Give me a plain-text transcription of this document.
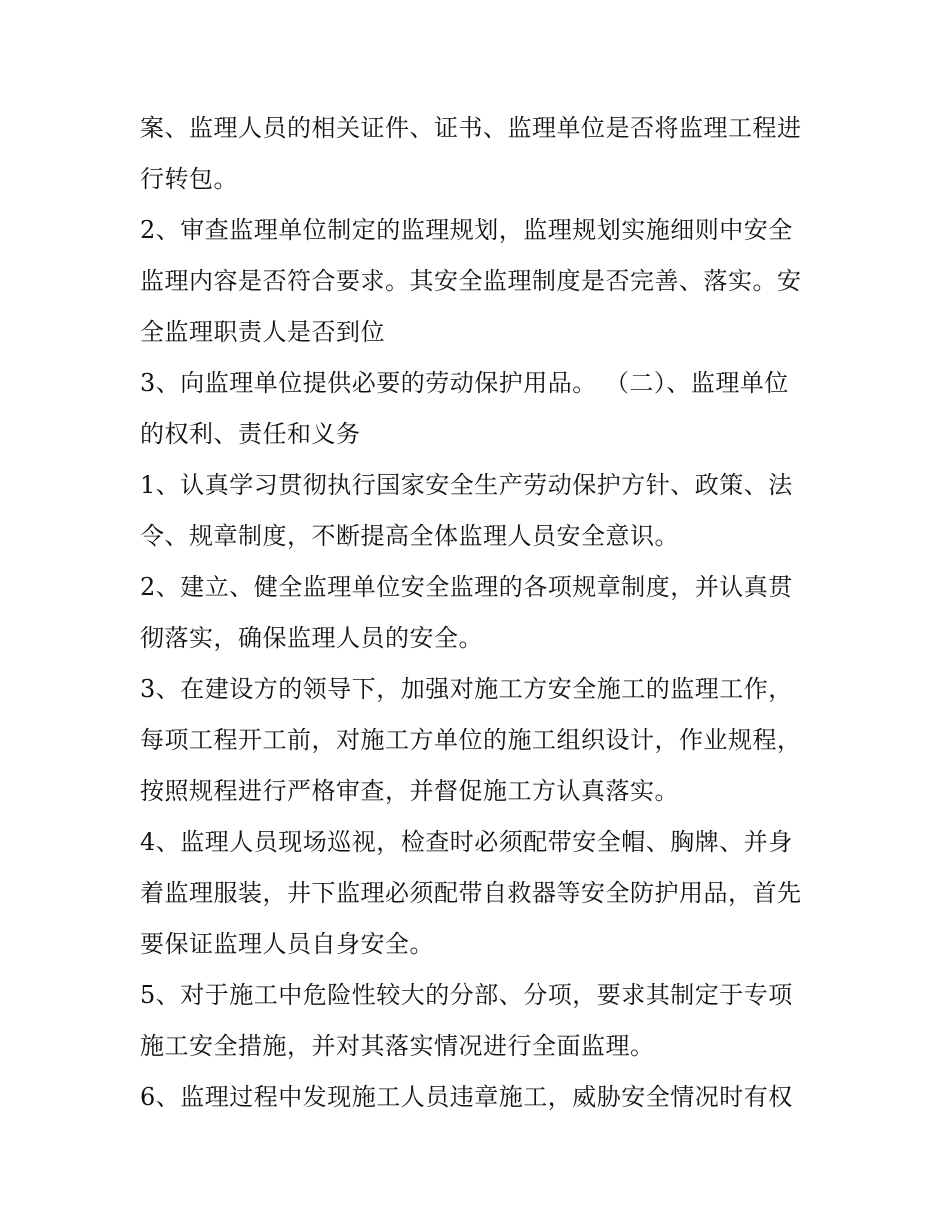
案、监理人员的相关证件、证书、监理单位是否将监理工程进
行转包。
2、审查监理单位制定的监理规划，监理规划实施细则中安全
监理内容是否符合要求。其安全监理制度是否完善、落实。安
全监理职责人是否到位
3、向监理单位提供必要的劳动保护用品。 （二）、监理单位
的权利、责任和义务
1、认真学习贯彻执行国家安全生产劳动保护方针、政策、法
令、规章制度，不断提高全体监理人员安全意识。
2、建立、健全监理单位安全监理的各项规章制度，并认真贯
彻落实，确保监理人员的安全。
3、在建设方的领导下，加强对施工方安全施工的监理工作，
每项工程开工前，对施工方单位的施工组织设计，作业规程，
按照规程进行严格审查，并督促施工方认真落实。
4、监理人员现场巡视，检查时必须配带安全帽、胸牌、并身
着监理服装，井下监理必须配带自救器等安全防护用品，首先
要保证监理人员自身安全。
5、对于施工中危险性较大的分部、分项，要求其制定于专项
施工安全措施，并对其落实情况进行全面监理。
6、监理过程中发现施工人员违章施工，威胁安全情况时有权
